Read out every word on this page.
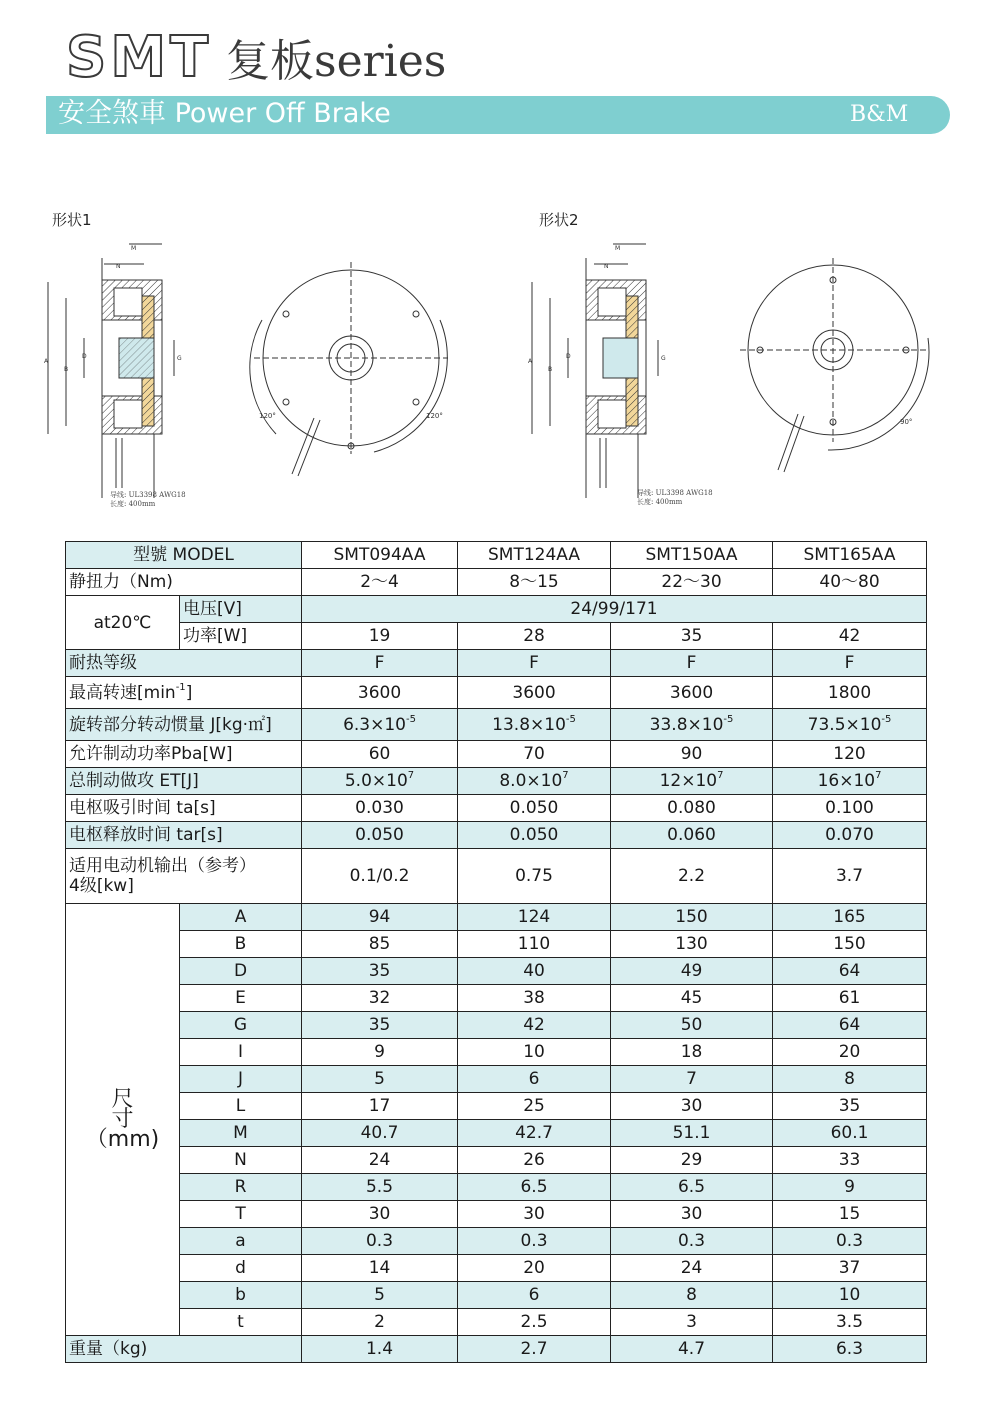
SMT 复板series
安全煞車 Power Off Brake	B&M
形状1
M
N
A
B
D	G
120°	120°
导线: UL3398 AWG18
长度: 400mm
形状2
M
N
A
B
D	G
90°
导线: UL3398 AWG18
长度: 400mm
型號 MODEL		SMT094AA	SMT124AA	SMT150AA	SMT165AA
静扭力（Nm)		2～4	8～15	22～30	40～80
at20℃	电压[V]	24/99/171			
	功率[W]	19	28	35	42
耐热等级		F	F	F	F
最高转速$[\min^{-1}]$		3600	3600	3600	1800
旋转部分转动惯量 J[kg·㎡]		$6.3\times 10^{-5}$	$13.8\times 10^{-5}$	$33.8\times 10^{-5}$	$73.5\times 10^{-5}$
允许制动功率Pba[W]		60	70	90	120
总制动做攻 ET[J]		$5.0\times 10^7$	$8.0\times 10^7$	$12\times 10^7$	$16\times 10^7$
电枢吸引时间 ta[s]		0.030	0.050	0.080	0.100
电枢释放时间 tar[s]		0.050	0.050	0.060	0.070

适用电动机输出（参考）
4级[kw]		0.1/0.2	0.75	2.2	3.7

尺
寸
（mm)	A	94	124	150	165
	B	85	110	130	150
	D	35	40	49	64
	E	32	38	45	61
	G	35	42	50	64
	I	9	10	18	20
	J	5	6	7	8
	L	17	25	30	35
	M	40.7	42.7	51.1	60.1
	N	24	26	29	33
	R	5.5	6.5	6.5	9
	T	30	30	30	15
	a	0.3	0.3	0.3	0.3
	d	14	20	24	37
	b	5	6	8	10
	t	2	2.5	3	3.5
重量（kg)		1.4	2.7	4.7	6.3
